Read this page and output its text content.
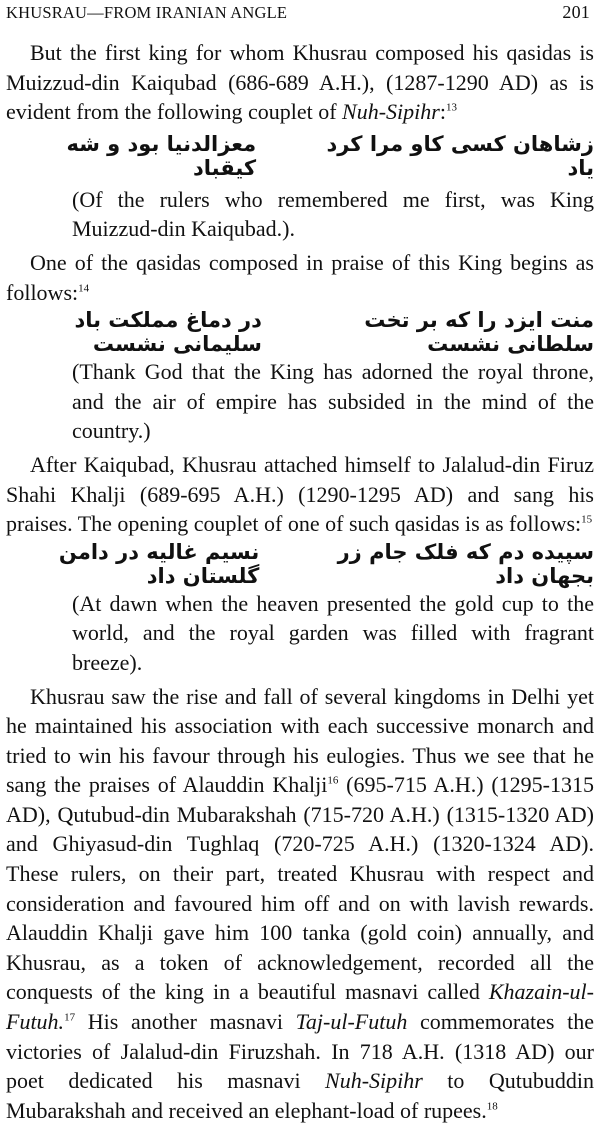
KHUSRAU—FROM IRANIAN ANGLE	201

But the first king for whom Khusrau composed his qasidas is Muizzud-din Kaiqubad (686-689 A.H.), (1287-1290 AD) as is evident from the following couplet of Nuh-Sipihr:$^{13}$

زشاهان کسی کاو مرا کرد یاد
معزالدنیا بود و شه کیقباد

(Of the rulers who remembered me first, was King Muizzud-din Kaiqubad.).

One of the qasidas composed in praise of this King begins as follows:$^{14}$

منت ایزد را که بر تخت سلطانی نشست
در دماغ مملکت باد سلیمانی نشست

(Thank God that the King has adorned the royal throne, and the air of empire has subsided in the mind of the country.)

After Kaiqubad, Khusrau attached himself to Jalalud-din Firuz Shahi Khalji (689-695 A.H.) (1290-1295 AD) and sang his praises. The opening couplet of one of such qasidas is as follows:$^{15}$

سپیده دم که فلک جام زر بجهان داد
نسیم غالیه در دامن گلستان داد

(At dawn when the heaven presented the gold cup to the world, and the royal garden was filled with fragrant breeze).

Khusrau saw the rise and fall of several kingdoms in Delhi yet he maintained his association with each successive monarch and tried to win his favour through his eulogies. Thus we see that he sang the praises of Alauddin Khalji$^{16}$ (695-715 A.H.) (1295-1315 AD), Qutubud-din Mubarakshah (715-720 A.H.) (1315-1320 AD) and Ghiyasud-din Tughlaq (720-725 A.H.) (1320-1324 AD). These rulers, on their part, treated Khusrau with respect and consideration and favoured him off and on with lavish rewards. Alauddin Khalji gave him 100 tanka (gold coin) annually, and Khusrau, as a token of acknowledgement, recorded all the conquests of the king in a beautiful masnavi called Khazain-ul-Futuh.$^{17}$ His another masnavi Taj-ul-Futuh commemorates the victories of Jalalud-din Firuzshah. In 718 A.H. (1318 AD) our poet dedicated his masnavi Nuh-Sipihr to Qutubuddin Mubarakshah and received an elephant-load of rupees.$^{18}$
